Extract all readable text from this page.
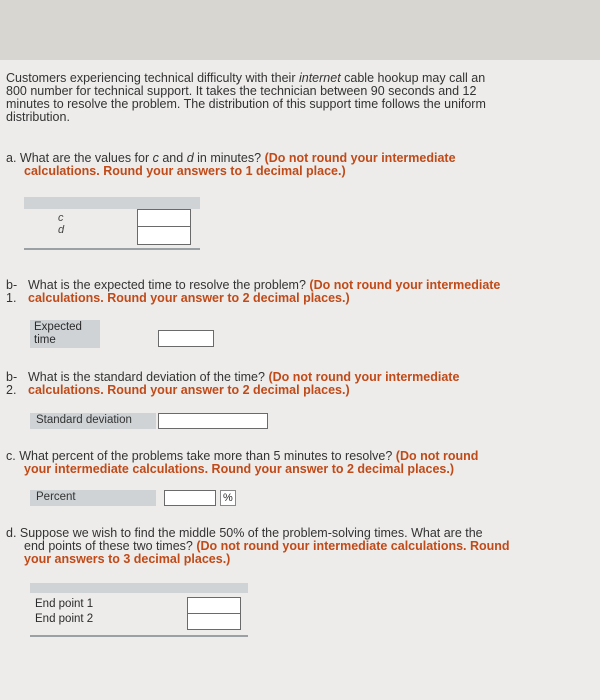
Customers experiencing technical difficulty with their internet cable hookup may call an
800 number for technical support. It takes the technician between 90 seconds and 12
minutes to resolve the problem. The distribution of this support time follows the uniform
distribution.
a. What are the values for c and d in minutes? (Do not round your intermediate
calculations. Round your answers to 1 decimal place.)
c
d
b- What is the expected time to resolve the problem? (Do not round your intermediate
1. calculations. Round your answer to 2 decimal places.)
Expected
time
b- What is the standard deviation of the time? (Do not round your intermediate
2. calculations. Round your answer to 2 decimal places.)
Standard deviation
c. What percent of the problems take more than 5 minutes to resolve? (Do not round
your intermediate calculations. Round your answer to 2 decimal places.)
Percent	%
d. Suppose we wish to find the middle 50% of the problem-solving times. What are the
end points of these two times? (Do not round your intermediate calculations. Round
your answers to 3 decimal places.)
End point 1
End point 2
